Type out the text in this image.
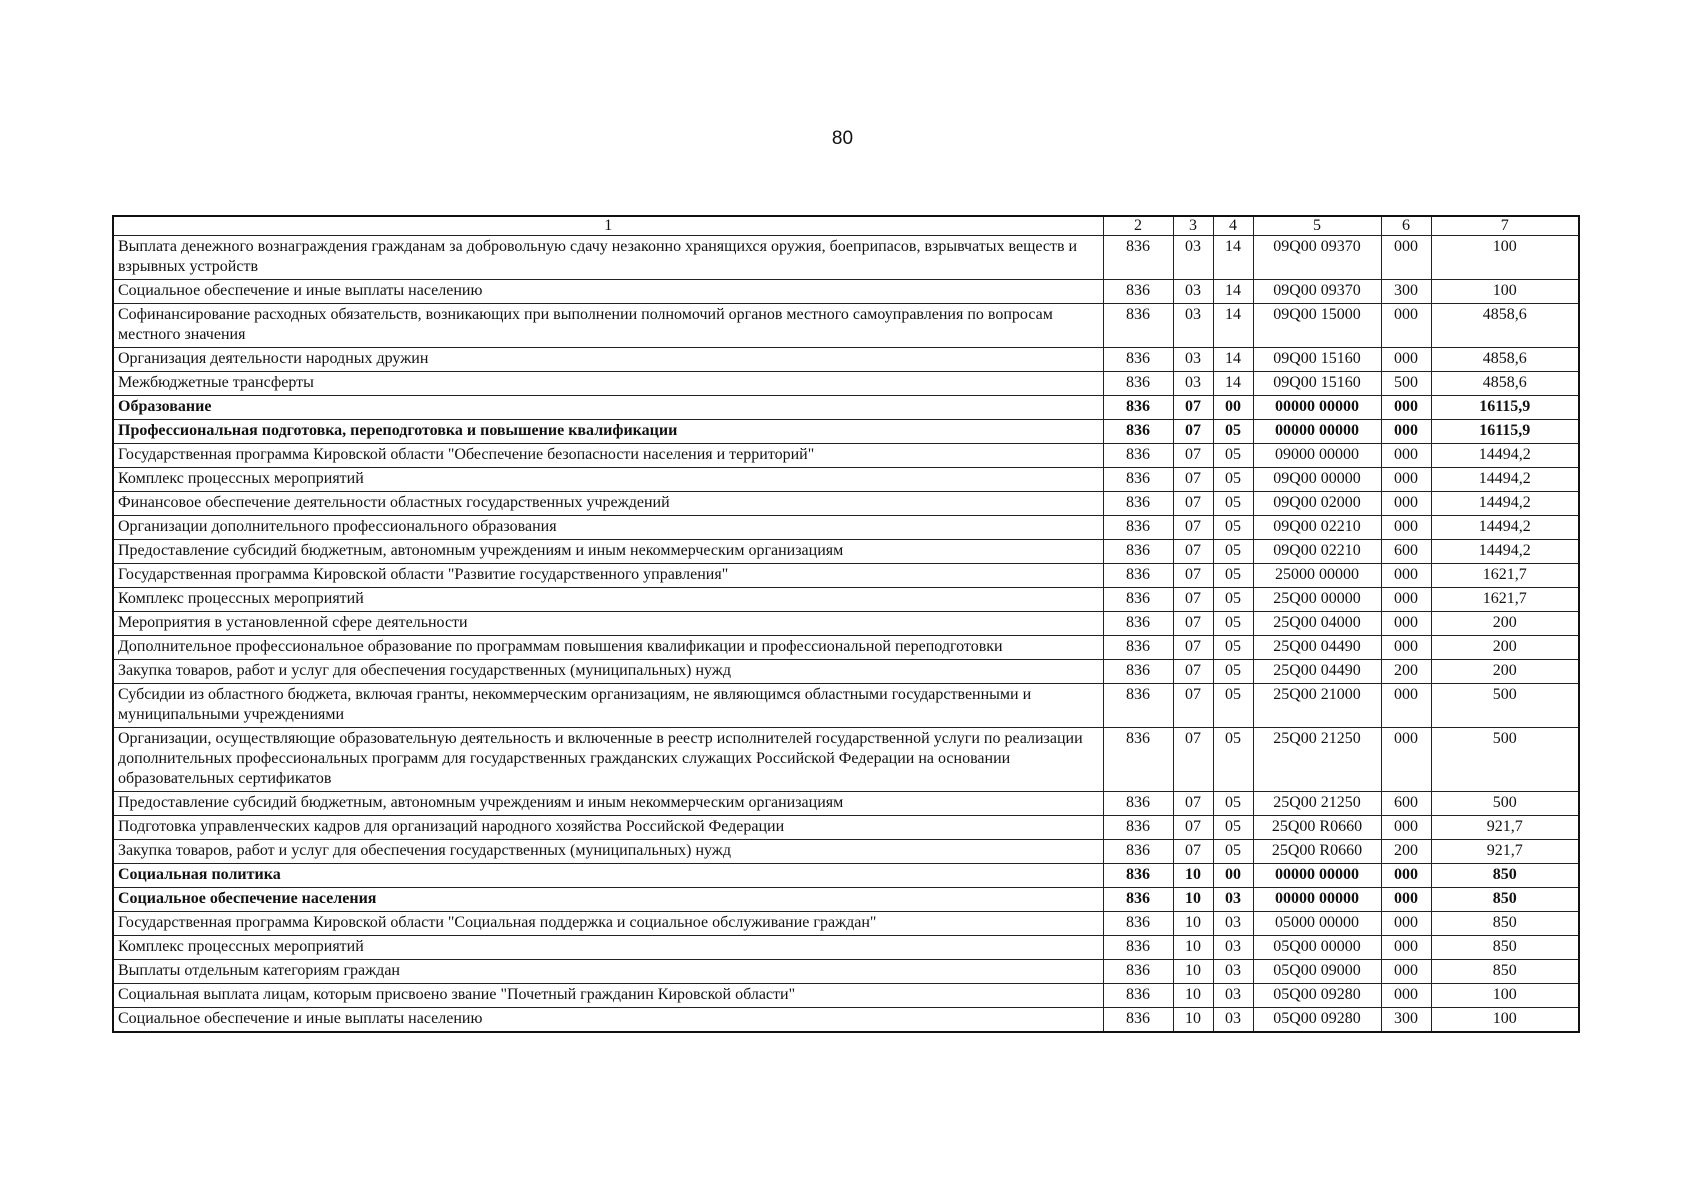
80
1	2	3	4	5	6	7
Выплата денежного вознаграждения гражданам за добровольную сдачу незаконно хранящихся оружия, боеприпасов, взрывчатых веществ и взрывных устройств	836	03	14	09Q00 09370	000	100
Социальное обеспечение и иные выплаты населению	836	03	14	09Q00 09370	300	100
Софинансирование расходных обязательств, возникающих при выполнении полномочий органов местного самоуправления по вопросам местного значения	836	03	14	09Q00 15000	000	4858,6
Организация деятельности народных дружин	836	03	14	09Q00 15160	000	4858,6
Межбюджетные трансферты	836	03	14	09Q00 15160	500	4858,6
Образование	836	07	00	00000 00000	000	16115,9
Профессиональная подготовка, переподготовка и повышение квалификации	836	07	05	00000 00000	000	16115,9
Государственная программа Кировской области "Обеспечение безопасности населения и территорий"	836	07	05	09000 00000	000	14494,2
Комплекс процессных мероприятий	836	07	05	09Q00 00000	000	14494,2
Финансовое обеспечение деятельности областных государственных учреждений	836	07	05	09Q00 02000	000	14494,2
Организации дополнительного профессионального образования	836	07	05	09Q00 02210	000	14494,2
Предоставление субсидий бюджетным, автономным учреждениям и иным некоммерческим организациям	836	07	05	09Q00 02210	600	14494,2
Государственная программа Кировской области "Развитие государственного управления"	836	07	05	25000 00000	000	1621,7
Комплекс процессных мероприятий	836	07	05	25Q00 00000	000	1621,7
Мероприятия в установленной сфере деятельности	836	07	05	25Q00 04000	000	200
Дополнительное профессиональное образование по программам повышения квалификации и профессиональной переподготовки	836	07	05	25Q00 04490	000	200
Закупка товаров, работ и услуг для обеспечения государственных (муниципальных) нужд	836	07	05	25Q00 04490	200	200
Субсидии из областного бюджета, включая гранты, некоммерческим организациям, не являющимся областными государственными и муниципальными учреждениями	836	07	05	25Q00 21000	000	500
Организации, осуществляющие образовательную деятельность и включенные в реестр исполнителей государственной услуги по реализации дополнительных профессиональных программ для государственных гражданских служащих Российской Федерации на основании образовательных сертификатов	836	07	05	25Q00 21250	000	500
Предоставление субсидий бюджетным, автономным учреждениям и иным некоммерческим организациям	836	07	05	25Q00 21250	600	500
Подготовка управленческих кадров для организаций народного хозяйства Российской Федерации	836	07	05	25Q00 R0660	000	921,7
Закупка товаров, работ и услуг для обеспечения государственных (муниципальных) нужд	836	07	05	25Q00 R0660	200	921,7
Социальная политика	836	10	00	00000 00000	000	850
Социальное обеспечение населения	836	10	03	00000 00000	000	850
Государственная программа Кировской области "Социальная поддержка и социальное обслуживание граждан"	836	10	03	05000 00000	000	850
Комплекс процессных мероприятий	836	10	03	05Q00 00000	000	850
Выплаты отдельным категориям граждан	836	10	03	05Q00 09000	000	850
Социальная выплата лицам, которым присвоено звание "Почетный гражданин Кировской области"	836	10	03	05Q00 09280	000	100
Социальное обеспечение и иные выплаты населению	836	10	03	05Q00 09280	300	100
